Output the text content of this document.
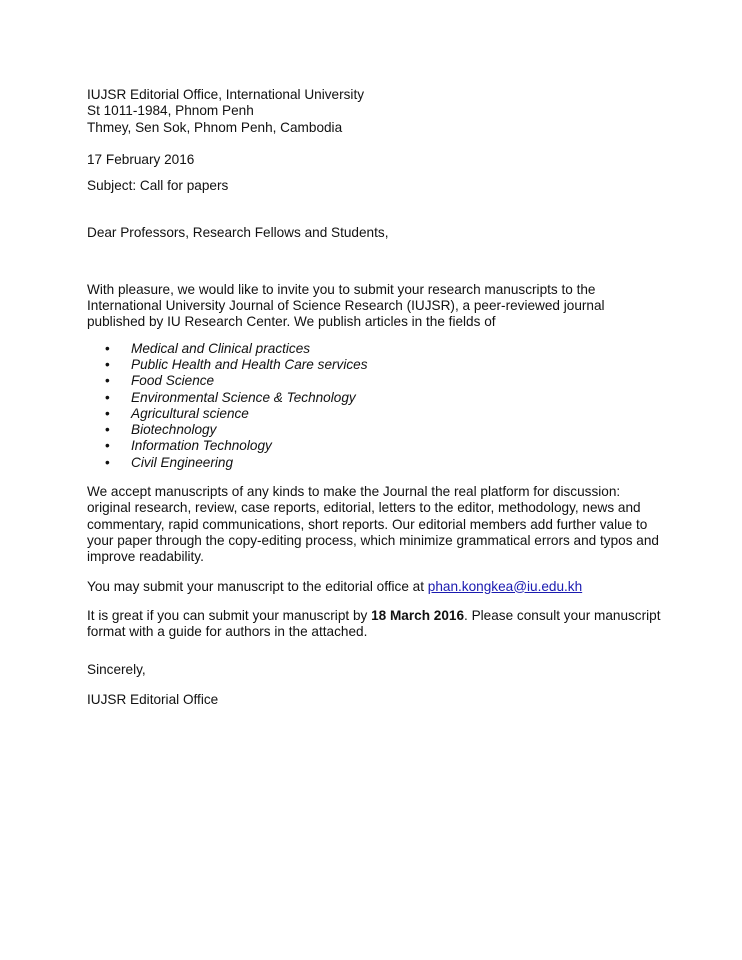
IUJSR Editorial Office, International University
St 1011-1984, Phnom Penh
Thmey, Sen Sok, Phnom Penh, Cambodia
17 February 2016
Subject: Call for papers
Dear Professors, Research Fellows and Students,
With pleasure, we would like to invite you to submit your research manuscripts to the
International University Journal of Science Research (IUJSR), a peer-reviewed journal
published by IU Research Center. We publish articles in the fields of
• Medical and Clinical practices
• Public Health and Health Care services
• Food Science
• Environmental Science & Technology
• Agricultural science
• Biotechnology
• Information Technology
• Civil Engineering
We accept manuscripts of any kinds to make the Journal the real platform for discussion:
original research, review, case reports, editorial, letters to the editor, methodology, news and
commentary, rapid communications, short reports. Our editorial members add further value to
your paper through the copy-editing process, which minimize grammatical errors and typos and
improve readability.
You may submit your manuscript to the editorial office at phan.kongkea@iu.edu.kh
It is great if you can submit your manuscript by 18 March 2016. Please consult your manuscript
format with a guide for authors in the attached.
Sincerely,
IUJSR Editorial Office
